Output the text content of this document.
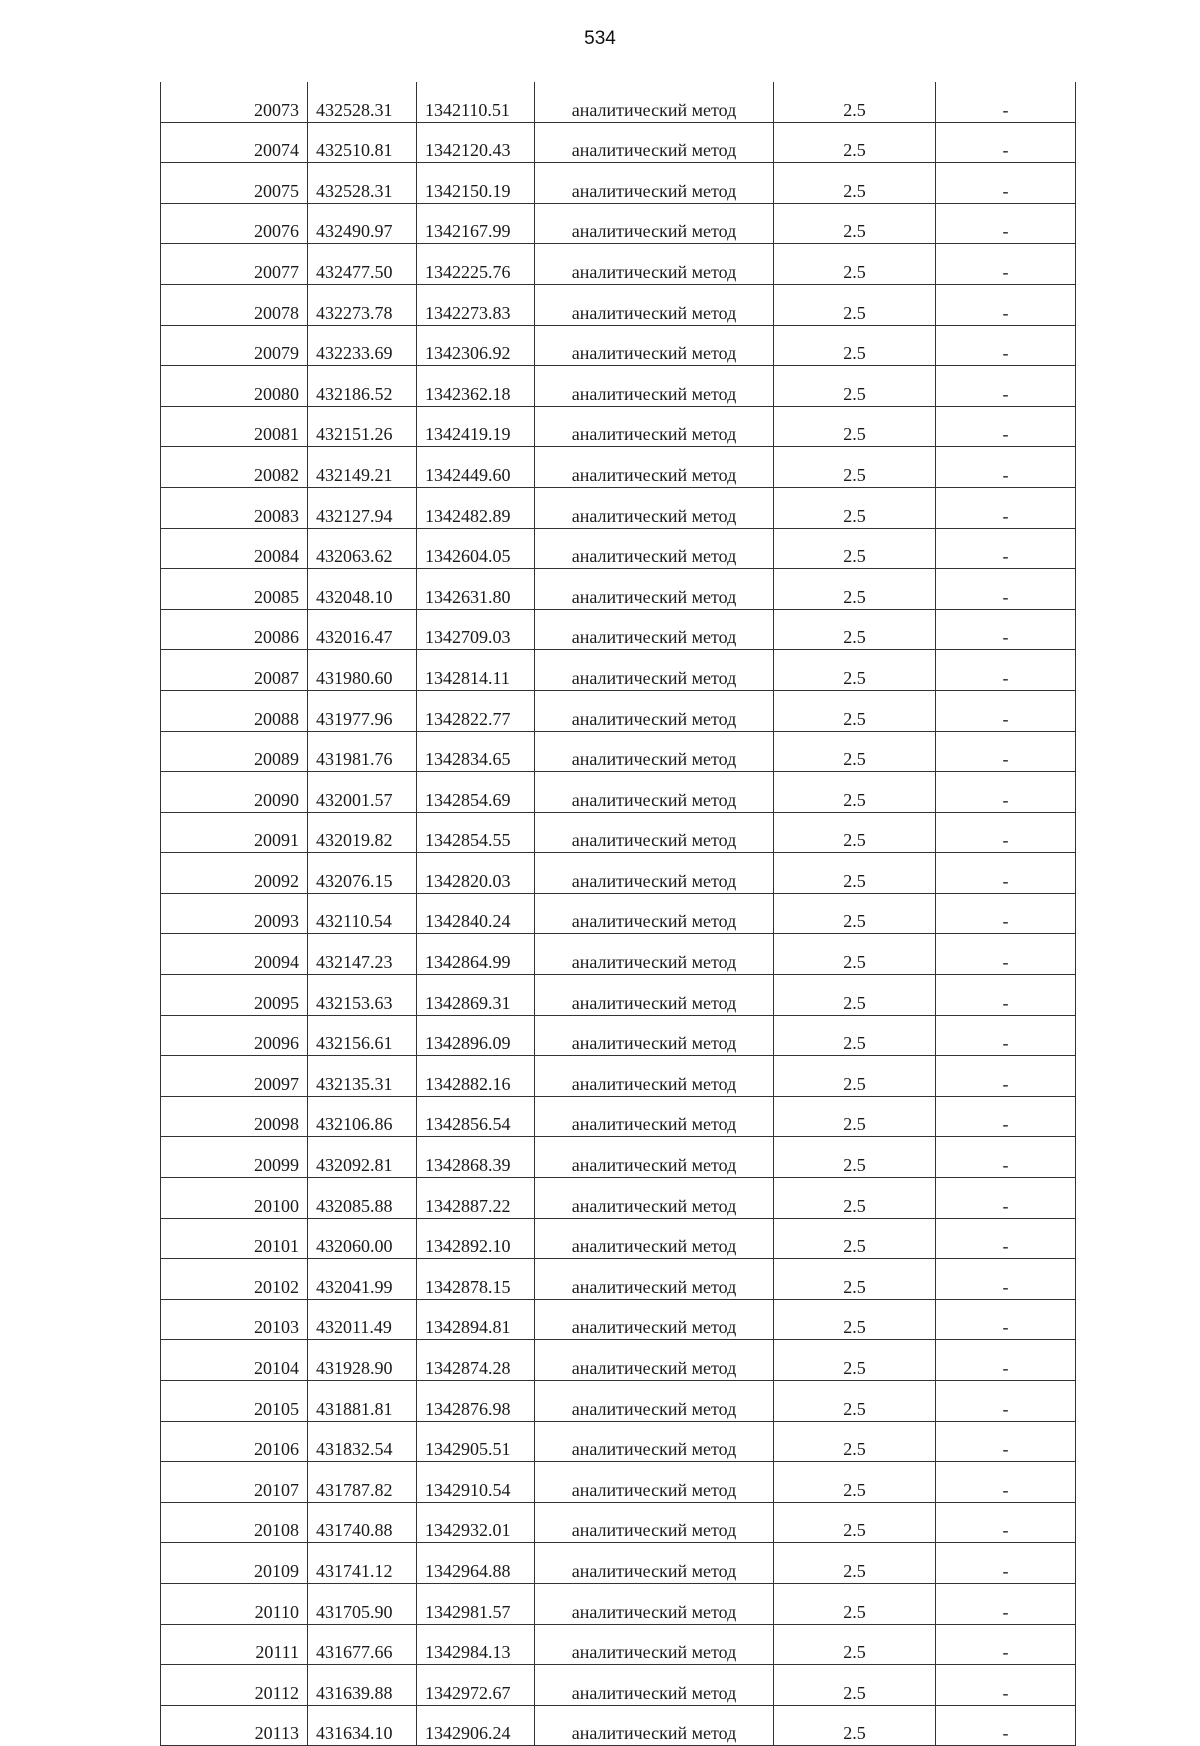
534
20073	432528.31	1342110.51	аналитический метод	2.5	-
20074	432510.81	1342120.43	аналитический метод	2.5	-
20075	432528.31	1342150.19	аналитический метод	2.5	-
20076	432490.97	1342167.99	аналитический метод	2.5	-
20077	432477.50	1342225.76	аналитический метод	2.5	-
20078	432273.78	1342273.83	аналитический метод	2.5	-
20079	432233.69	1342306.92	аналитический метод	2.5	-
20080	432186.52	1342362.18	аналитический метод	2.5	-
20081	432151.26	1342419.19	аналитический метод	2.5	-
20082	432149.21	1342449.60	аналитический метод	2.5	-
20083	432127.94	1342482.89	аналитический метод	2.5	-
20084	432063.62	1342604.05	аналитический метод	2.5	-
20085	432048.10	1342631.80	аналитический метод	2.5	-
20086	432016.47	1342709.03	аналитический метод	2.5	-
20087	431980.60	1342814.11	аналитический метод	2.5	-
20088	431977.96	1342822.77	аналитический метод	2.5	-
20089	431981.76	1342834.65	аналитический метод	2.5	-
20090	432001.57	1342854.69	аналитический метод	2.5	-
20091	432019.82	1342854.55	аналитический метод	2.5	-
20092	432076.15	1342820.03	аналитический метод	2.5	-
20093	432110.54	1342840.24	аналитический метод	2.5	-
20094	432147.23	1342864.99	аналитический метод	2.5	-
20095	432153.63	1342869.31	аналитический метод	2.5	-
20096	432156.61	1342896.09	аналитический метод	2.5	-
20097	432135.31	1342882.16	аналитический метод	2.5	-
20098	432106.86	1342856.54	аналитический метод	2.5	-
20099	432092.81	1342868.39	аналитический метод	2.5	-
20100	432085.88	1342887.22	аналитический метод	2.5	-
20101	432060.00	1342892.10	аналитический метод	2.5	-
20102	432041.99	1342878.15	аналитический метод	2.5	-
20103	432011.49	1342894.81	аналитический метод	2.5	-
20104	431928.90	1342874.28	аналитический метод	2.5	-
20105	431881.81	1342876.98	аналитический метод	2.5	-
20106	431832.54	1342905.51	аналитический метод	2.5	-
20107	431787.82	1342910.54	аналитический метод	2.5	-
20108	431740.88	1342932.01	аналитический метод	2.5	-
20109	431741.12	1342964.88	аналитический метод	2.5	-
20110	431705.90	1342981.57	аналитический метод	2.5	-
20111	431677.66	1342984.13	аналитический метод	2.5	-
20112	431639.88	1342972.67	аналитический метод	2.5	-
20113	431634.10	1342906.24	аналитический метод	2.5	-
